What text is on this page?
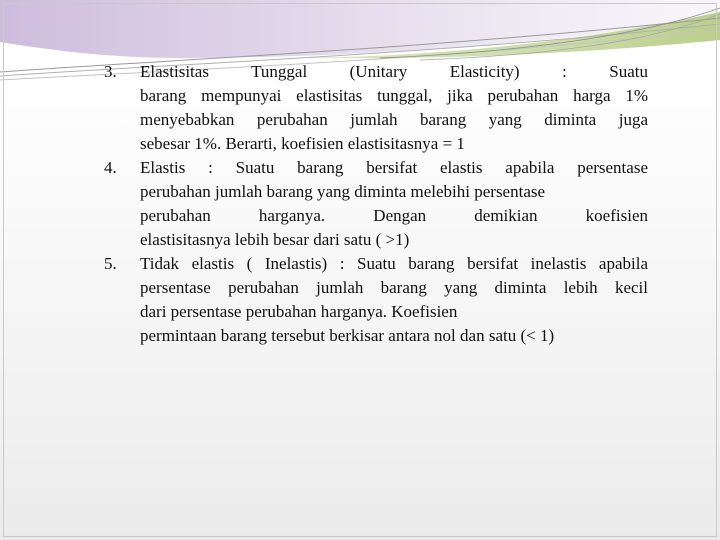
3.	Elastisitas Tunggal (Unitary Elasticity) : Suatu
barang mempunyai elastisitas tunggal, jika perubahan harga 1%
menyebabkan perubahan jumlah barang yang diminta juga
sebesar 1%. Berarti, koefisien elastisitasnya = 1
4.	Elastis : Suatu barang bersifat elastis apabila persentase
perubahan jumlah barang yang diminta melebihi persentase
perubahan harganya. Dengan demikian koefisien
elastisitasnya lebih besar dari satu ( >1)
5.	Tidak elastis ( Inelastis) : Suatu barang bersifat inelastis apabila
persentase perubahan jumlah barang yang diminta lebih kecil
dari persentase perubahan harganya. Koefisien
permintaan barang tersebut berkisar antara nol dan satu (< 1)
